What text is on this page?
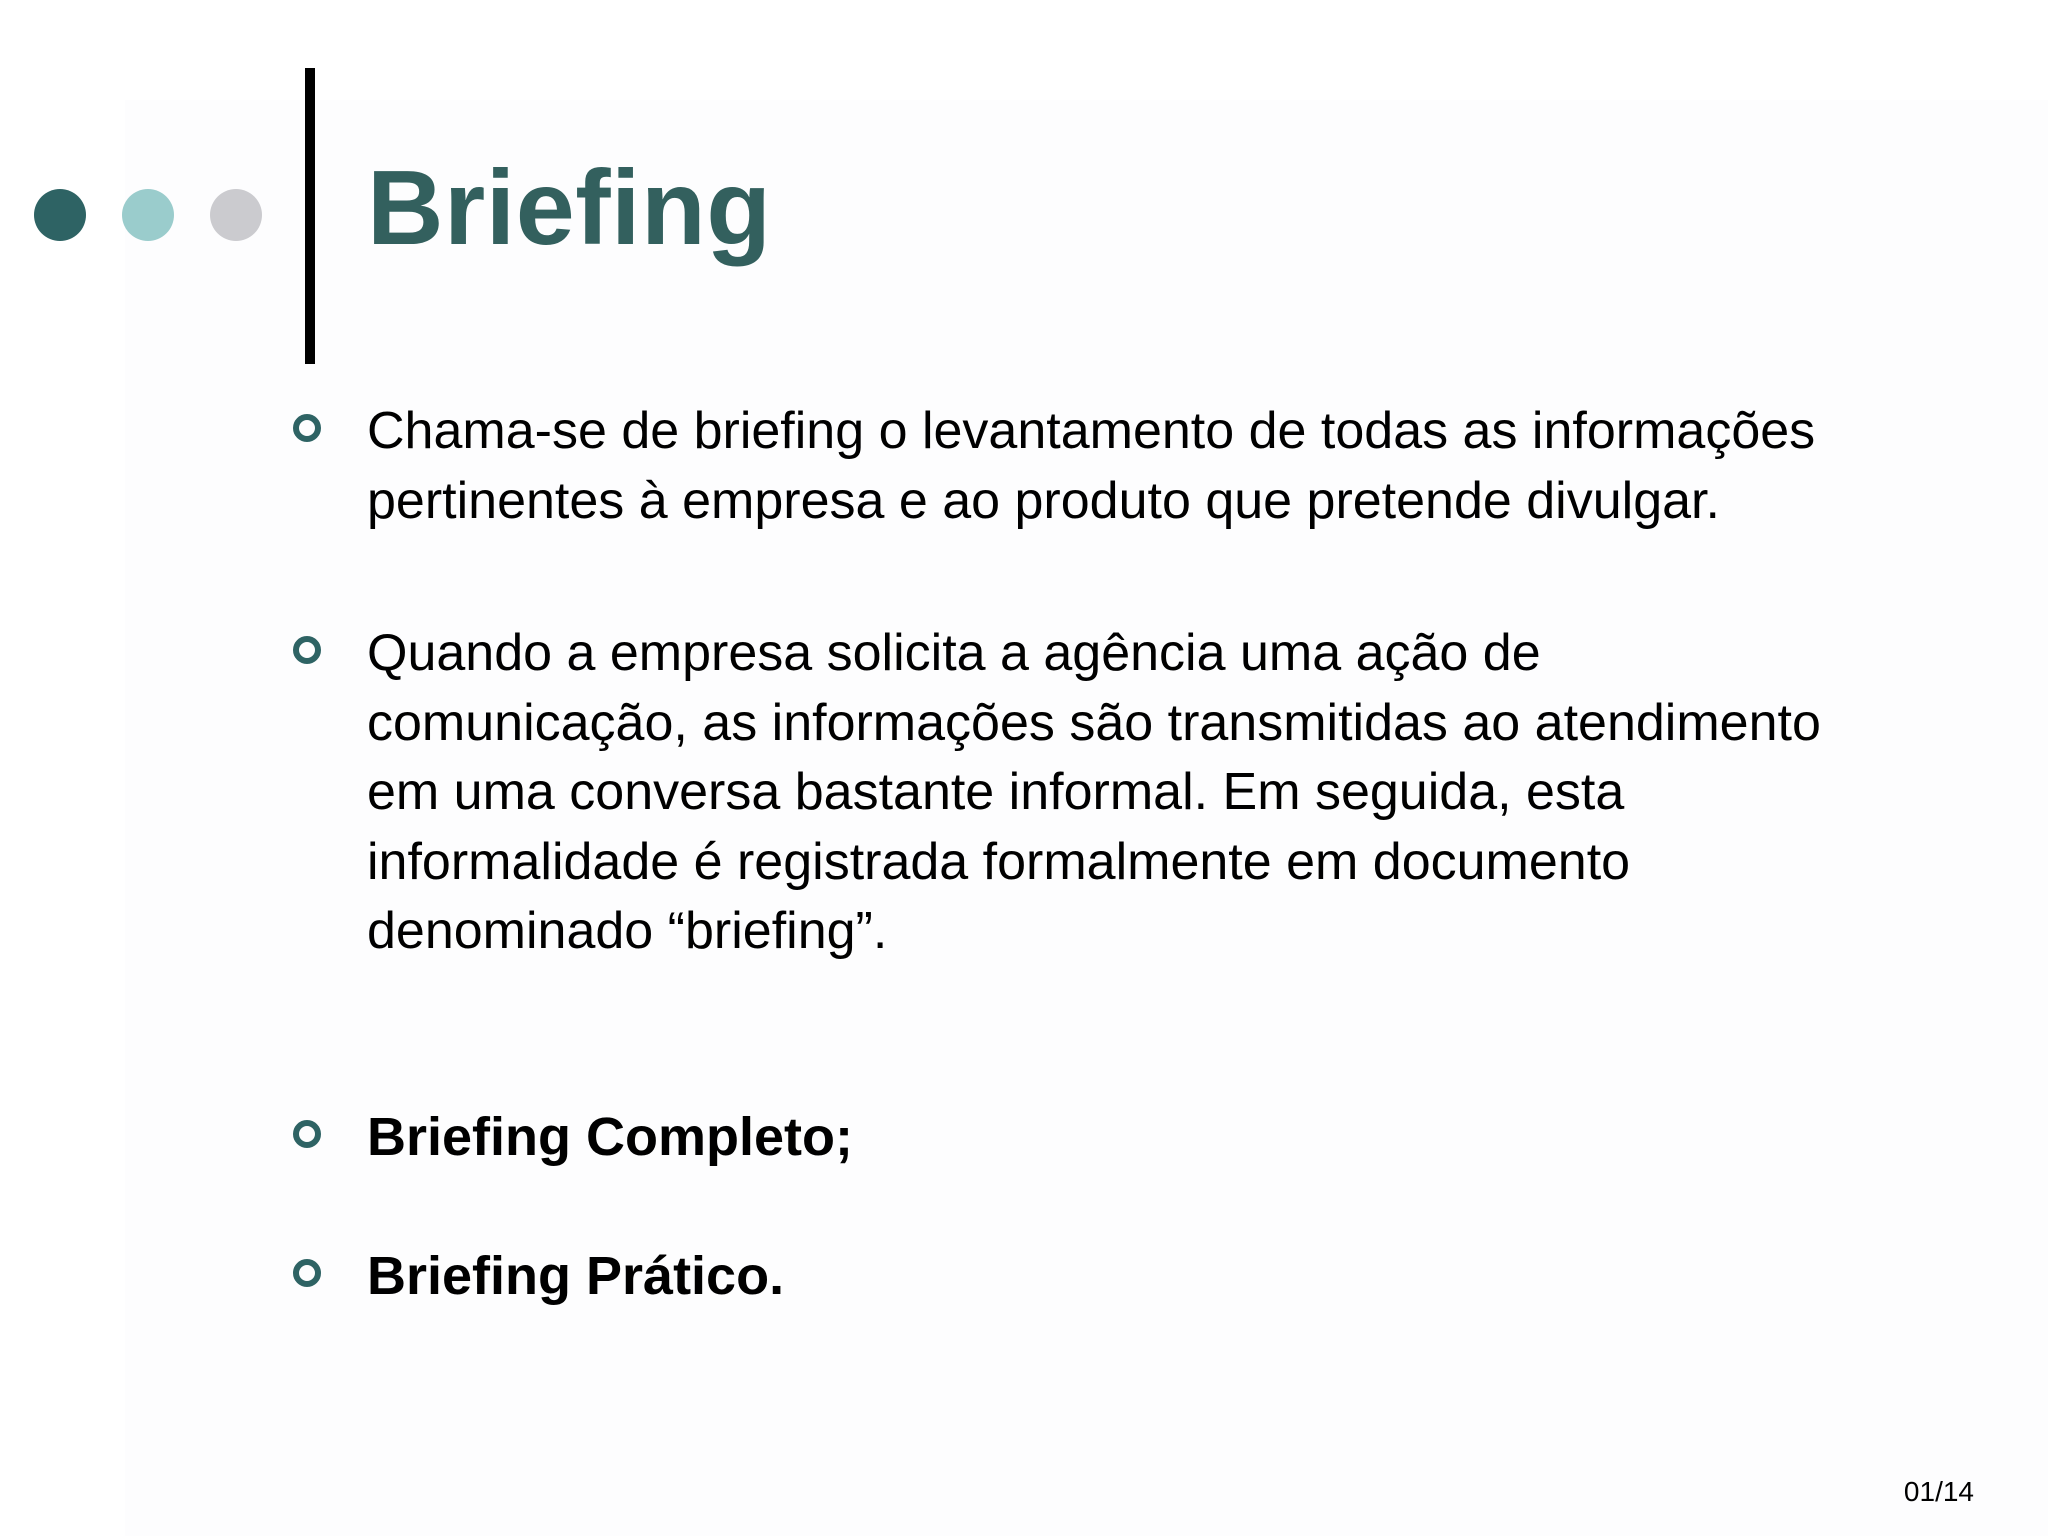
Briefing
Chama-se de briefing o levantamento de todas as informações pertinentes à empresa e ao produto que pretende divulgar.
Quando a empresa solicita a agência uma ação de comunicação, as informações são transmitidas ao atendimento em uma conversa bastante informal. Em seguida, esta informalidade é registrada formalmente em documento denominado “briefing”.
Briefing Completo;
Briefing Prático.
01/14
